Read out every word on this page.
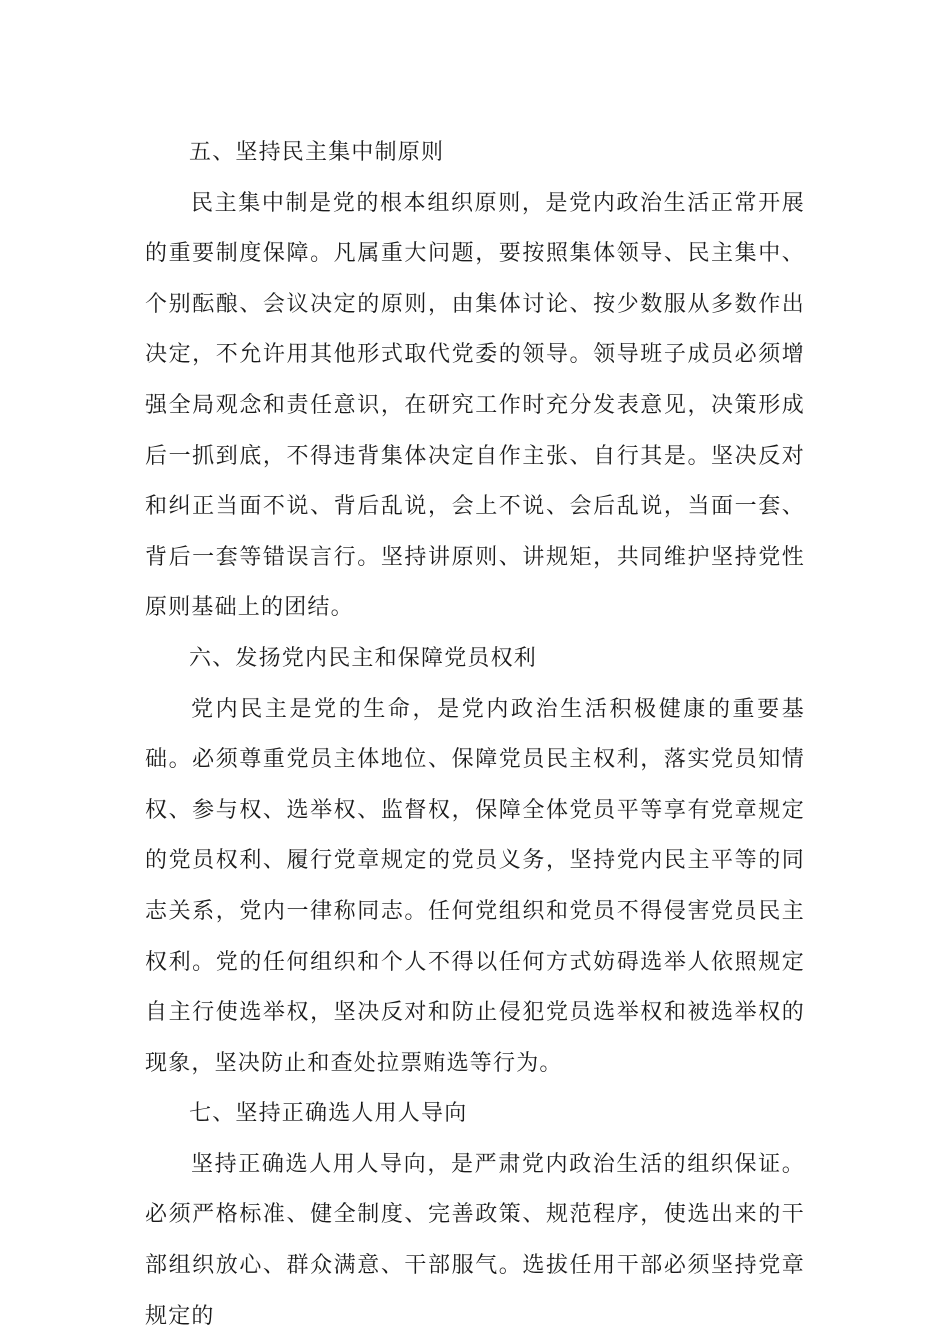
五、坚持民主集中制原则

民主集中制是党的根本组织原则，是党内政治生活正常开展的重要制度保障。凡属重大问题，要按照集体领导、民主集中、个别酝酿、会议决定的原则，由集体讨论、按少数服从多数作出决定，不允许用其他形式取代党委的领导。领导班子成员必须增强全局观念和责任意识，在研究工作时充分发表意见，决策形成后一抓到底，不得违背集体决定自作主张、自行其是。坚决反对和纠正当面不说、背后乱说，会上不说、会后乱说，当面一套、背后一套等错误言行。坚持讲原则、讲规矩，共同维护坚持党性原则基础上的团结。

六、发扬党内民主和保障党员权利

党内民主是党的生命，是党内政治生活积极健康的重要基础。必须尊重党员主体地位、保障党员民主权利，落实党员知情权、参与权、选举权、监督权，保障全体党员平等享有党章规定的党员权利、履行党章规定的党员义务，坚持党内民主平等的同志关系，党内一律称同志。任何党组织和党员不得侵害党员民主权利。党的任何组织和个人不得以任何方式妨碍选举人依照规定自主行使选举权，坚决反对和防止侵犯党员选举权和被选举权的现象，坚决防止和查处拉票贿选等行为。

七、坚持正确选人用人导向

坚持正确选人用人导向，是严肃党内政治生活的组织保证。必须严格标准、健全制度、完善政策、规范程序，使选出来的干部组织放心、群众满意、干部服气。选拔任用干部必须坚持党章规定的
